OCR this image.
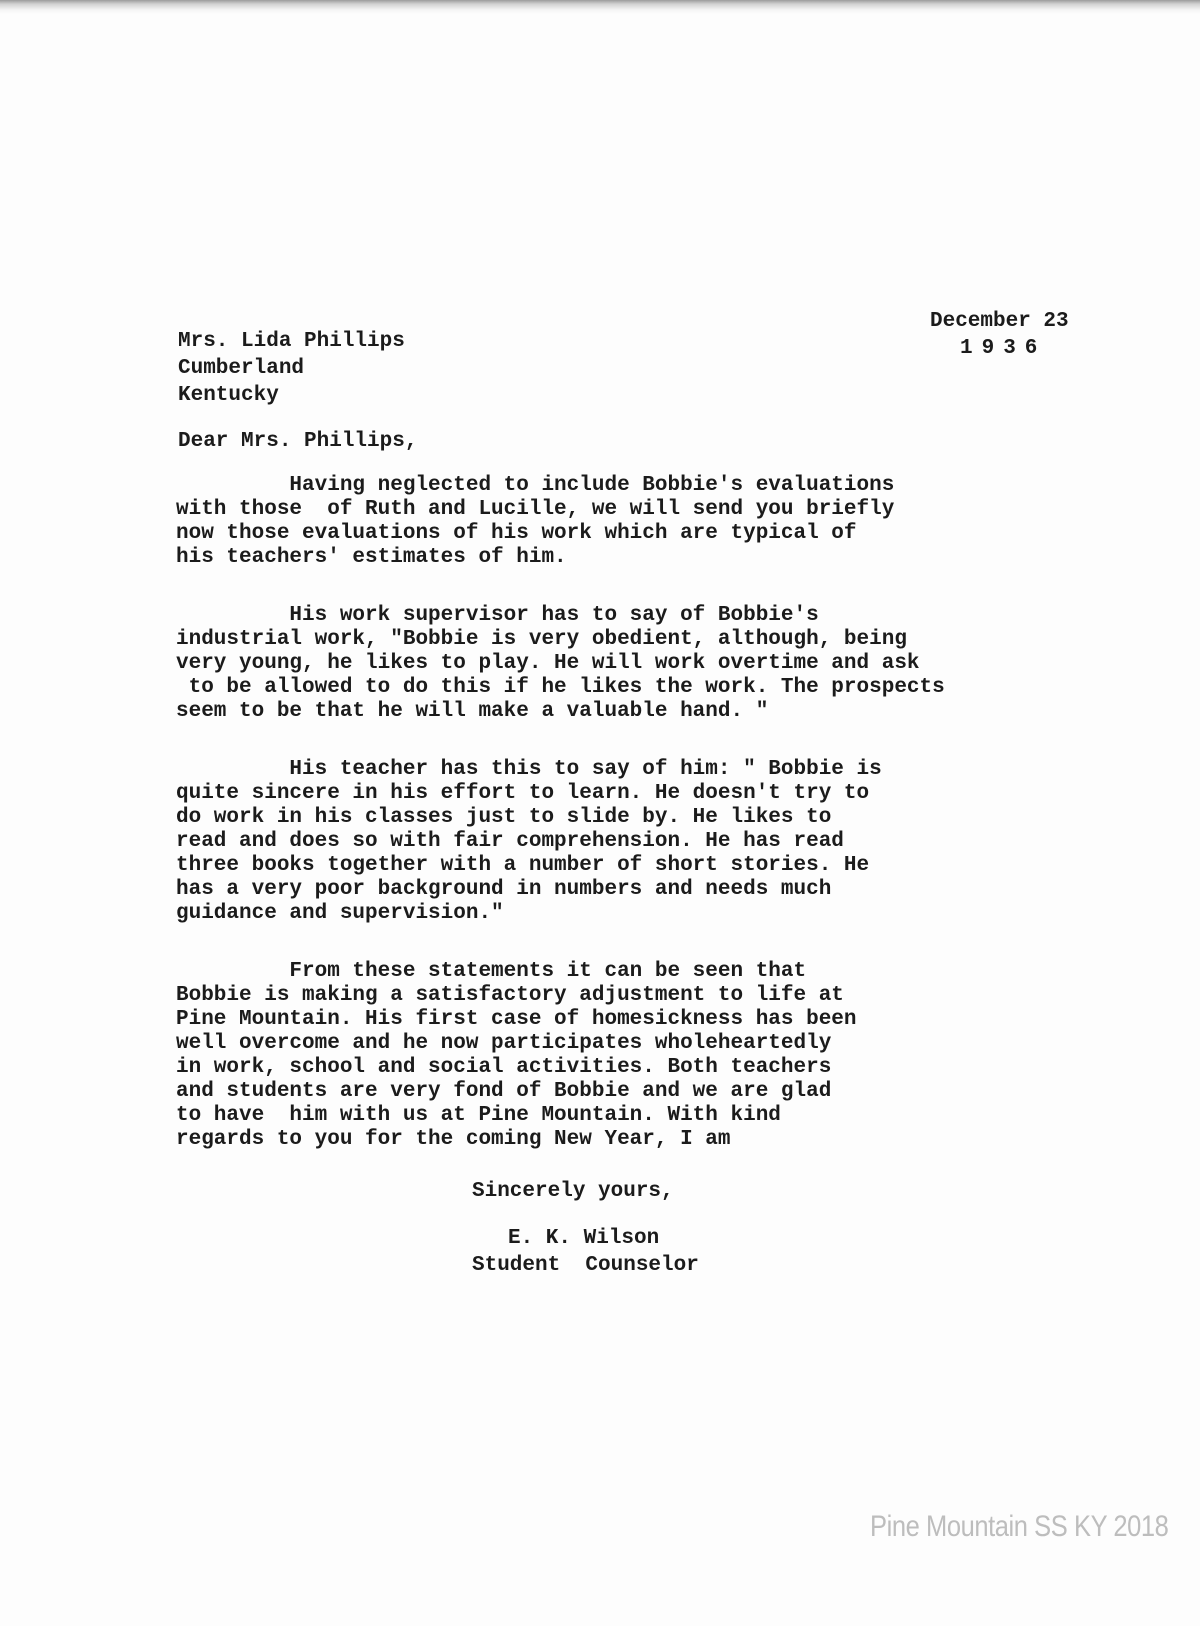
December 23
1936
Mrs. Lida Phillips
Cumberland
Kentucky
Dear Mrs. Phillips,
Having neglected to include Bobbie's evaluations
with those  of Ruth and Lucille, we will send you briefly
now those evaluations of his work which are typical of
his teachers' estimates of him.
His work supervisor has to say of Bobbie's
industrial work, "Bobbie is very obedient, although, being
very young, he likes to play. He will work overtime and ask
to be allowed to do this if he likes the work. The prospects
seem to be that he will make a valuable hand. "
His teacher has this to say of him: " Bobbie is
quite sincere in his effort to learn. He doesn't try to
do work in his classes just to slide by. He likes to
read and does so with fair comprehension. He has read
three books together with a number of short stories. He
has a very poor background in numbers and needs much
guidance and supervision."
From these statements it can be seen that
Bobbie is making a satisfactory adjustment to life at
Pine Mountain. His first case of homesickness has been
well overcome and he now participates wholeheartedly
in work, school and social activities. Both teachers
and students are very fond of Bobbie and we are glad
to have  him with us at Pine Mountain. With kind
regards to you for the coming New Year, I am
Sincerely yours,
E. K. Wilson
Student  Counselor
Pine Mountain SS KY 2018
